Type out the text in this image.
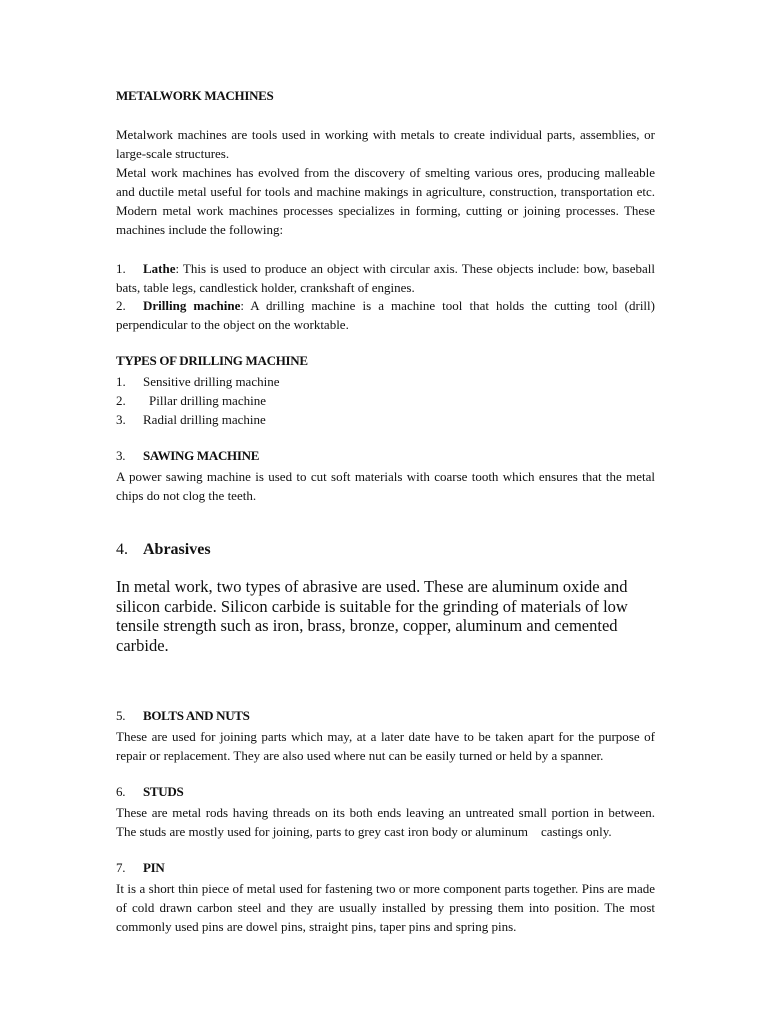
METALWORK MACHINES

Metalwork machines are tools used in working with metals to create individual parts, assemblies, or large-scale structures.

Metal work machines has evolved from the discovery of smelting various ores, producing malleable and ductile metal useful for tools and machine makings in agriculture, construction, transportation etc. Modern metal work machines processes specializes in forming, cutting or joining processes. These machines include the following:

1. Lathe: This is used to produce an object with circular axis. These objects include: bow, baseball bats, table legs, candlestick holder, crankshaft of engines.

2. Drilling machine: A drilling machine is a machine tool that holds the cutting tool (drill) perpendicular to the object on the worktable.

TYPES OF DRILLING MACHINE

1. Sensitive drilling machine

2. Pillar drilling machine

3. Radial drilling machine

3. SAWING MACHINE

A power sawing machine is used to cut soft materials with coarse tooth which ensures that the metal chips do not clog the teeth.

4. Abrasives

In metal work, two types of abrasive are used. These are aluminum oxide and silicon carbide. Silicon carbide is suitable for the grinding of materials of low tensile strength such as iron, brass, bronze, copper, aluminum and cemented carbide.

5. BOLTS AND NUTS

These are used for joining parts which may, at a later date have to be taken apart for the purpose of repair or replacement. They are also used where nut can be easily turned or held by a spanner.

6. STUDS

These are metal rods having threads on its both ends leaving an untreated small portion in between. The studs are mostly used for joining, parts to grey cast iron body or aluminum    castings only.

7. PIN

It is a short thin piece of metal used for fastening two or more component parts together. Pins are made of cold drawn carbon steel and they are usually installed by pressing them into position. The most commonly used pins are dowel pins, straight pins, taper pins and spring pins.
